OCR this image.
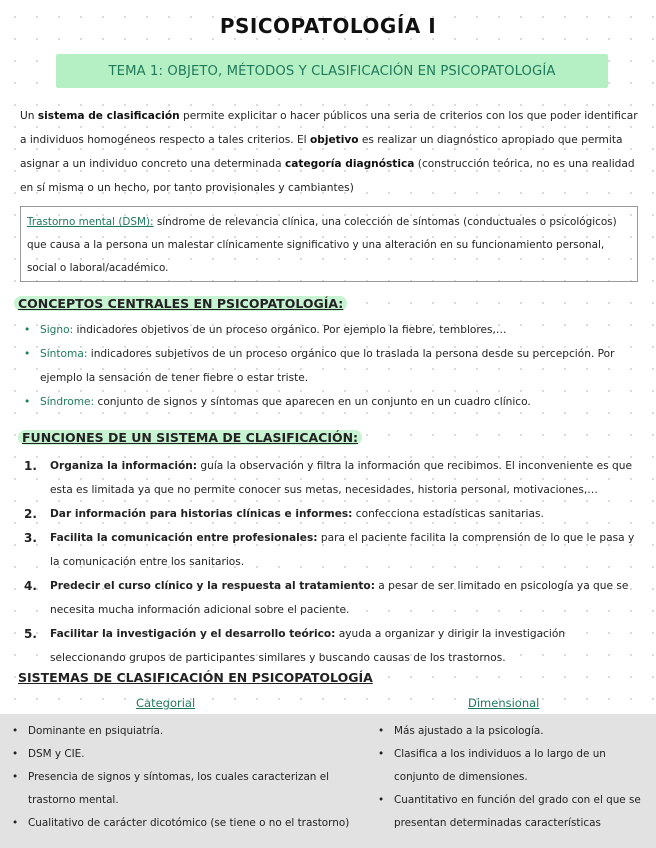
PSICOPATOLOGÍA I
TEMA 1: OBJETO, MÉTODOS Y CLASIFICACIÓN EN PSICOPATOLOGÍA

Un sistema de clasificación permite explicitar o hacer públicos una seria de criterios con los que poder identificar a individuos homogéneos respecto a tales criterios. El objetivo es realizar un diagnóstico apropiado que permita asignar a un individuo concreto una determinada categoría diagnóstica (construcción teórica, no es una realidad en sí misma o un hecho, por tanto provisionales y cambiantes)

Trastorno mental (DSM): síndrome de relevancia clínica, una colección de síntomas (conductuales o psicológicos) que causa a la persona un malestar clínicamente significativo y una alteración en su funcionamiento personal, social o laboral/académico.
CONCEPTOS CENTRALES EN PSICOPATOLOGÍA:
• Signo: indicadores objetivos de un proceso orgánico. Por ejemplo la fiebre, temblores,…
• Síntoma: indicadores subjetivos de un proceso orgánico que lo traslada la persona desde su percepción. Por ejemplo la sensación de tener fiebre o estar triste.
• Síndrome: conjunto de signos y síntomas que aparecen en un conjunto en un cuadro clínico.
FUNCIONES DE UN SISTEMA DE CLASIFICACIÓN:
1. Organiza la información: guía la observación y filtra la información que recibimos. El inconveniente es que esta es limitada ya que no permite conocer sus metas, necesidades, historia personal, motivaciones,…
2. Dar información para historias clínicas e informes: confecciona estadísticas sanitarias.
3. Facilita la comunicación entre profesionales: para el paciente facilita la comprensión de lo que le pasa y la comunicación entre los sanitarios.
4. Predecir el curso clínico y la respuesta al tratamiento: a pesar de ser limitado en psicología ya que se necesita mucha información adicional sobre el paciente.
5. Facilitar la investigación y el desarrollo teórico: ayuda a organizar y dirigir la investigación seleccionando grupos de participantes similares y buscando causas de los trastornos.
SISTEMAS DE CLASIFICACIÓN EN PSICOPATOLOGÍA
Categorial	Dimensional
• Dominante en psiquiatría.
• DSM y CIE.
• Presencia de signos y síntomas, los cuales caracterizan el trastorno mental.
• Cualitativo de carácter dicotómico (se tiene o no el trastorno)
• Más ajustado a la psicología.
• Clasifica a los individuos a lo largo de un conjunto de dimensiones.
• Cuantitativo en función del grado con el que se presentan determinadas características
